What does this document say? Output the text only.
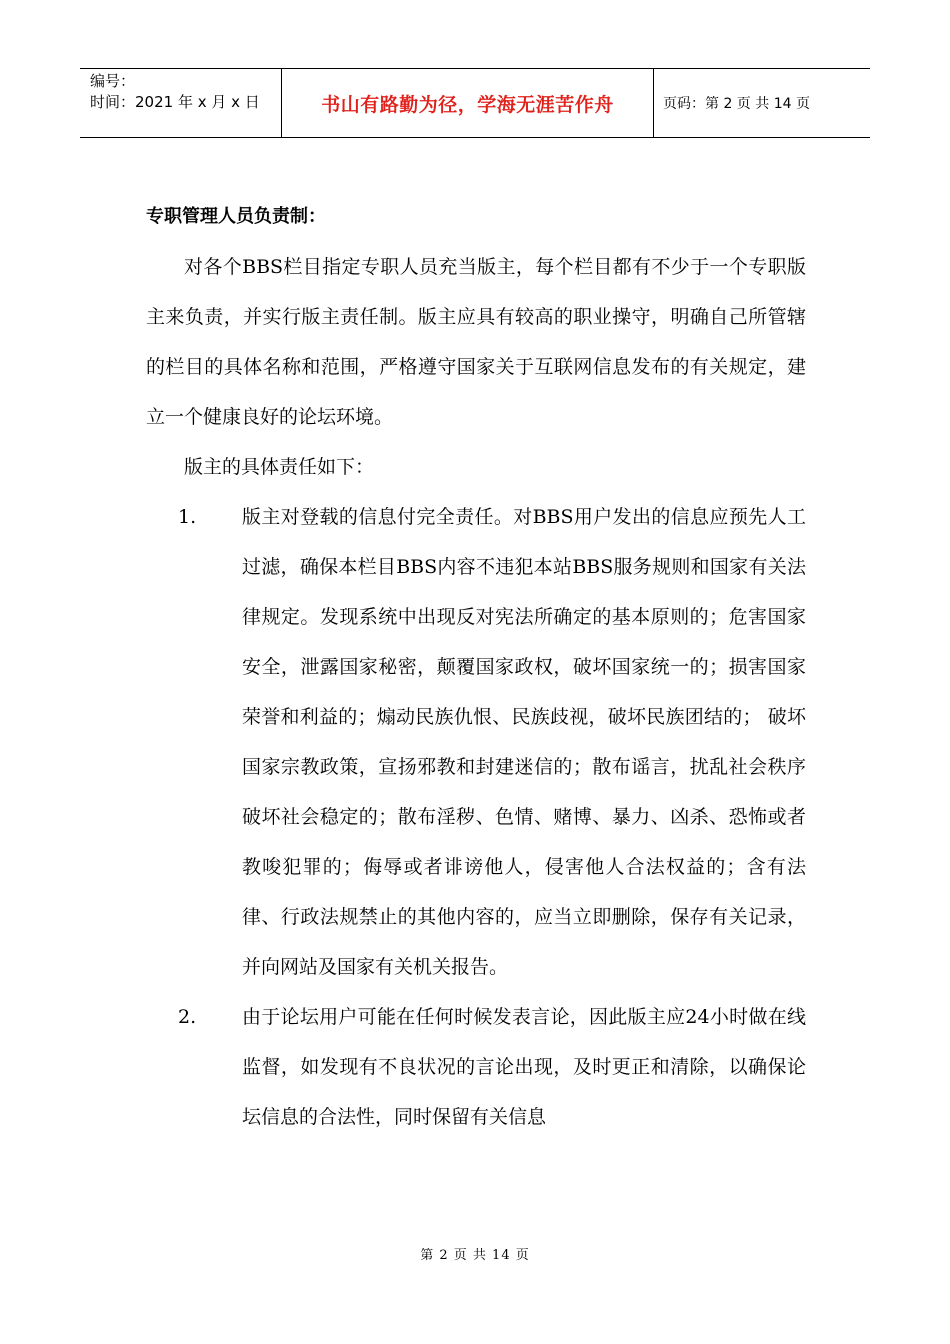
编号：
时间：2021 年 x 月 x 日	书山有路勤为径，学海无涯苦作舟	页码：第 2 页 共 14 页
专职管理人员负责制：

对各个BBS栏目指定专职人员充当版主，每个栏目都有不少于一个专职版主来负责，并实行版主责任制。版主应具有较高的职业操守，明确自己所管辖的栏目的具体名称和范围，严格遵守国家关于互联网信息发布的有关规定，建立一个健康良好的论坛环境。

版主的具体责任如下：

1.	版主对登载的信息付完全责任。对BBS用户发出的信息应预先人工过滤，确保本栏目BBS内容不违犯本站BBS服务规则和国家有关法律规定。发现系统中出现反对宪法所确定的基本原则的；危害国家安全，泄露国家秘密，颠覆国家政权，破坏国家统一的；损害国家荣誉和利益的；煽动民族仇恨、民族歧视，破坏民族团结的； 破坏国家宗教政策，宣扬邪教和封建迷信的；散布谣言，扰乱社会秩序破坏社会稳定的；散布淫秽、色情、赌博、暴力、凶杀、恐怖或者教唆犯罪的；侮辱或者诽谤他人，侵害他人合法权益的；含有法律、行政法规禁止的其他内容的，应当立即删除，保存有关记录，并向网站及国家有关机关报告。
2.	由于论坛用户可能在任何时候发表言论，因此版主应24小时做在线监督，如发现有不良状况的言论出现，及时更正和清除，以确保论坛信息的合法性，同时保留有关信息
第 2 页 共 14 页
